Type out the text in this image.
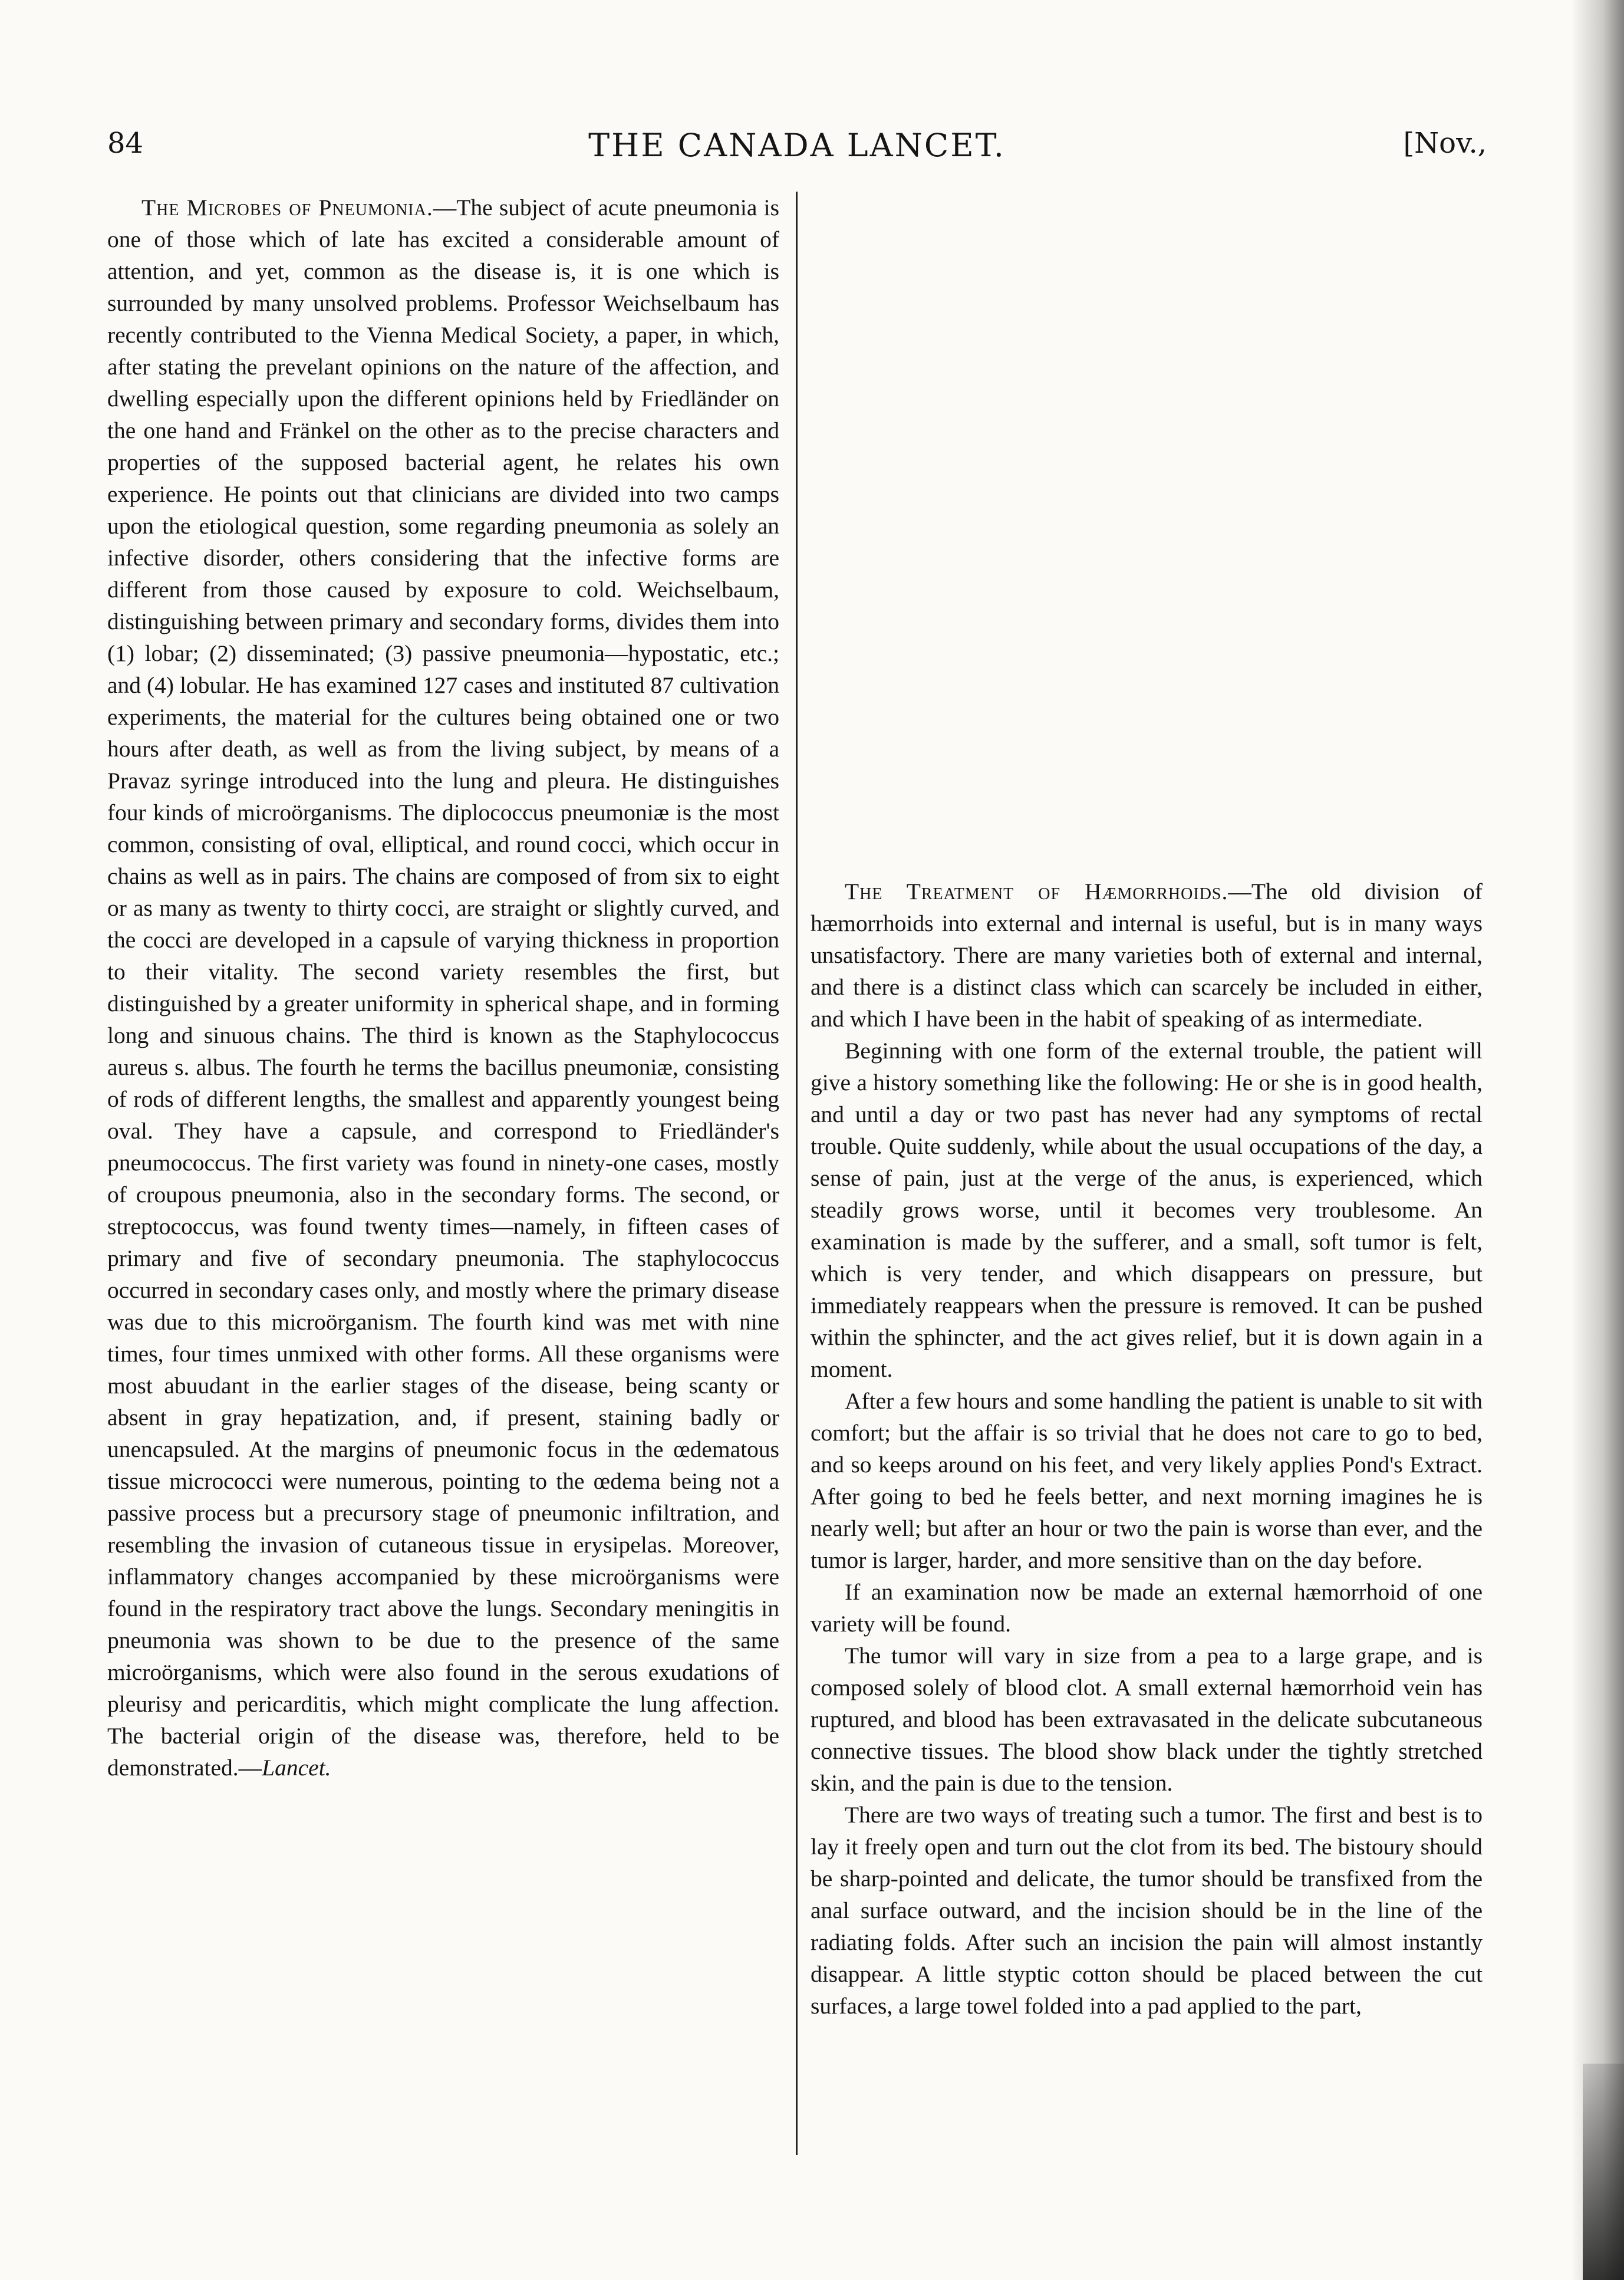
84	THE CANADA LANCET.	[Nov.,

The Microbes of Pneumonia.—The subject of acute pneumonia is one of those which of late has excited a considerable amount of attention, and yet, common as the disease is, it is one which is surrounded by many unsolved problems. Professor Weichselbaum has recently contributed to the Vienna Medical Society, a paper, in which, after stating the prevelant opinions on the nature of the affection, and dwelling especially upon the different opinions held by Friedländer on the one hand and Fränkel on the other as to the precise characters and properties of the supposed bacterial agent, he relates his own experience. He points out that clinicians are divided into two camps upon the etiological question, some regarding pneumonia as solely an infective disorder, others considering that the infective forms are different from those caused by exposure to cold. Weichselbaum, distinguishing between primary and secondary forms, divides them into (1) lobar; (2) disseminated; (3) passive pneumonia—hypostatic, etc.; and (4) lobular. He has examined 127 cases and instituted 87 cultivation experiments, the material for the cultures being obtained one or two hours after death, as well as from the living subject, by means of a Pravaz syringe introduced into the lung and pleura. He distinguishes four kinds of microörganisms. The diplococcus pneumoniæ is the most common, consisting of oval, elliptical, and round cocci, which occur in chains as well as in pairs. The chains are composed of from six to eight or as many as twenty to thirty cocci, are straight or slightly curved, and the cocci are developed in a capsule of varying thickness in proportion to their vitality. The second variety resembles the first, but distinguished by a greater uniformity in spherical shape, and in forming long and sinuous chains. The third is known as the Staphylococcus aureus s. albus. The fourth he terms the bacillus pneumoniæ, consisting of rods of different lengths, the smallest and apparently youngest being oval. They have a capsule, and correspond to Friedländer's pneumococcus. The first variety was found in ninety-one cases, mostly of croupous pneumonia, also in the secondary forms. The second, or streptococcus, was found twenty times—namely, in fifteen cases of primary and five of secondary pneumonia. The staphylococcus occurred in secondary cases only, and mostly where the primary disease was due to this microörganism. The fourth kind was met with nine times, four times unmixed with other forms. All these organisms were most abuudant in the earlier stages of the disease, being scanty or absent in gray hepatization, and, if present, staining badly or unencapsuled. At the margins of pneumonic focus in the œdematous tissue micrococci were numerous, pointing to the œdema being not a passive process but a precursory stage of pneumonic infiltration, and resembling the invasion of cutaneous tissue in erysipelas. Moreover, inflammatory changes accompanied by these microörganisms were found in the respiratory tract above the lungs. Secondary meningitis in pneumonia was shown to be due to the presence of the same microörganisms, which were also found in the serous exudations of pleurisy and pericarditis, which might complicate the lung affection. The bacterial origin of the disease was, therefore, held to be demonstrated.—Lancet.

The Treatment of Hæmorrhoids.—The old division of hæmorrhoids into external and internal is useful, but is in many ways unsatisfactory. There are many varieties both of external and internal, and there is a distinct class which can scarcely be included in either, and which I have been in the habit of speaking of as intermediate.

Beginning with one form of the external trouble, the patient will give a history something like the following: He or she is in good health, and until a day or two past has never had any symptoms of rectal trouble. Quite suddenly, while about the usual occupations of the day, a sense of pain, just at the verge of the anus, is experienced, which steadily grows worse, until it becomes very troublesome. An examination is made by the sufferer, and a small, soft tumor is felt, which is very tender, and which disappears on pressure, but immediately reappears when the pressure is removed. It can be pushed within the sphincter, and the act gives relief, but it is down again in a moment.

After a few hours and some handling the patient is unable to sit with comfort; but the affair is so trivial that he does not care to go to bed, and so keeps around on his feet, and very likely applies Pond's Extract. After going to bed he feels better, and next morning imagines he is nearly well; but after an hour or two the pain is worse than ever, and the tumor is larger, harder, and more sensitive than on the day before.

If an examination now be made an external hæmorrhoid of one variety will be found.

The tumor will vary in size from a pea to a large grape, and is composed solely of blood clot. A small external hæmorrhoid vein has ruptured, and blood has been extravasated in the delicate subcutaneous connective tissues. The blood show black under the tightly stretched skin, and the pain is due to the tension.

There are two ways of treating such a tumor. The first and best is to lay it freely open and turn out the clot from its bed. The bistoury should be sharp-pointed and delicate, the tumor should be transfixed from the anal surface outward, and the incision should be in the line of the radiating folds. After such an incision the pain will almost instantly disappear. A little styptic cotton should be placed between the cut surfaces, a large towel folded into a pad applied to the part,
